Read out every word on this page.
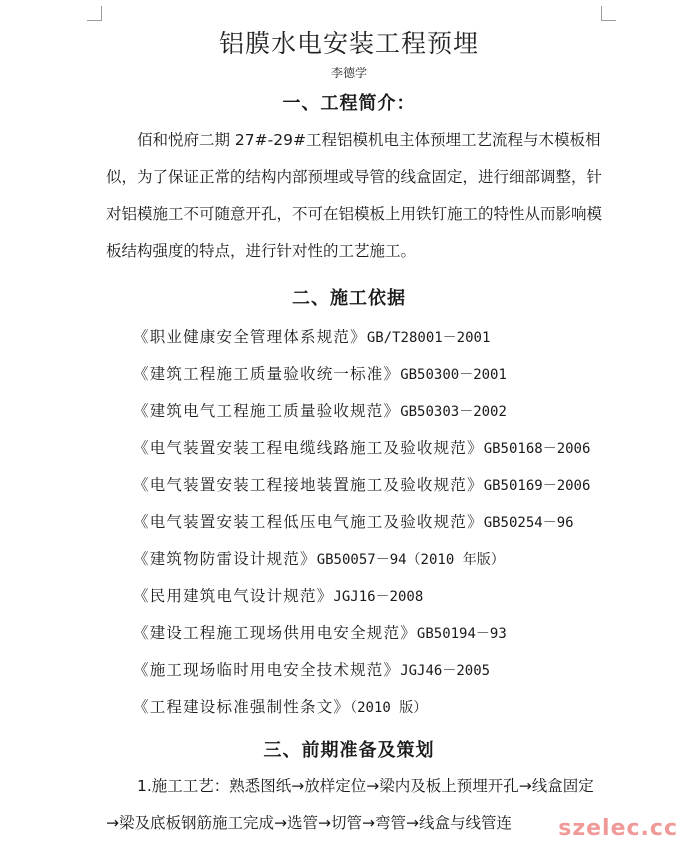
铝膜水电安装工程预埋
李德学
一、工程简介：
佰和悦府二期 27#-29#工程铝模机电主体预埋工艺流程与木模板相似，为了保证正常的结构内部预埋或导管的线盒固定，进行细部调整，针对铝模施工不可随意开孔，不可在铝模板上用铁钉施工的特性从而影响模板结构强度的特点，进行针对性的工艺施工。
二、施工依据
《职业健康安全管理体系规范》GB/T28001－2001
《建筑工程施工质量验收统一标准》GB50300－2001
《建筑电气工程施工质量验收规范》GB50303－2002
《电气装置安装工程电缆线路施工及验收规范》GB50168－2006
《电气装置安装工程接地装置施工及验收规范》GB50169－2006
《电气装置安装工程低压电气施工及验收规范》GB50254－96
《建筑物防雷设计规范》GB50057－94（2010 年版）
《民用建筑电气设计规范》JGJ16－2008
《建设工程施工现场供用电安全规范》GB50194－93
《施工现场临时用电安全技术规范》JGJ46－2005
《工程建设标准强制性条文》（2010 版）
三、前期准备及策划
1.施工工艺：熟悉图纸→放样定位→梁内及板上预埋开孔→线盒固定→梁及底板钢筋施工完成→选管→切管→弯管→线盒与线管连	szelec.cc
